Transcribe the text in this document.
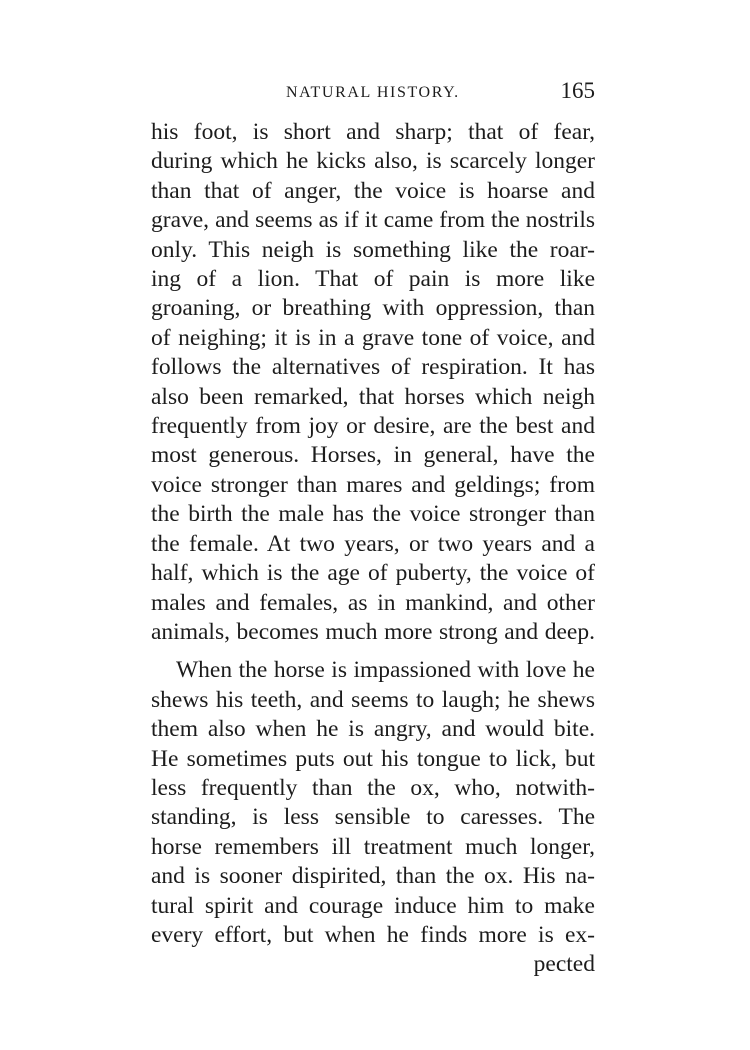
NATURAL HISTORY.	165
his foot, is short and sharp; that of fear,
during which he kicks also, is scarcely longer
than that of anger, the voice is hoarse and
grave, and seems as if it came from the nostrils
only. This neigh is something like the roar-
ing of a lion. That of pain is more like
groaning, or breathing with oppression, than
of neighing; it is in a grave tone of voice, and
follows the alternatives of respiration. It has
also been remarked, that horses which neigh
frequently from joy or desire, are the best and
most generous. Horses, in general, have the
voice stronger than mares and geldings; from
the birth the male has the voice stronger than
the female. At two years, or two years and a
half, which is the age of puberty, the voice of
males and females, as in mankind, and other
animals, becomes much more strong and deep.
When the horse is impassioned with love he
shews his teeth, and seems to laugh; he shews
them also when he is angry, and would bite.
He sometimes puts out his tongue to lick, but
less frequently than the ox, who, notwith-
standing, is less sensible to caresses. The
horse remembers ill treatment much longer,
and is sooner dispirited, than the ox. His na-
tural spirit and courage induce him to make
every effort, but when he finds more is ex-
pected
